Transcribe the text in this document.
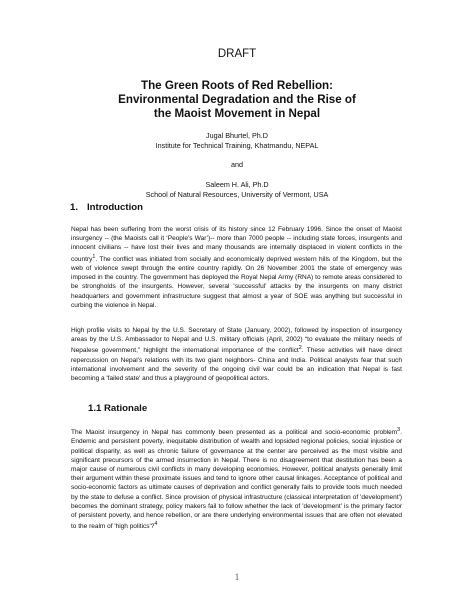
DRAFT
The Green Roots of Red Rebellion:
Environmental Degradation and the Rise of
the Maoist Movement in Nepal
Jugal Bhurtel, Ph.D
Institute for Technical Training, Khatmandu, NEPAL
and
Saleem H. Ali, Ph.D
School of Natural Resources, University of Vermont, USA
1. Introduction

Nepal has been suffering from the worst crisis of its history since 12 February 1996. Since the onset of Maoist insurgency -- (the Maoists call it ‘People’s War’)-- more than 7000 people -- including state forces, insurgents and innocent civilians -- have lost their lives and many thousands are internally displaced in violent conflicts in the country$^1$. The conflict was initiated from socially and economically deprived western hills of the Kingdom, but the web of violence swept through the entire country rapidly. On 26 November 2001 the state of emergency was imposed in the country. The government has deployed the Royal Nepal Army (RNA) to remote areas considered to be strongholds of the insurgents. However, several ‘successful’ attacks by the insurgents on many district headquarters and government infrastructure suggest that almost a year of SOE was anything but successful in curbing the violence in Nepal.

High profile visits to Nepal by the U.S. Secretary of State (January, 2002), followed by inspection of insurgency areas by the U.S. Ambassador to Nepal and U.S. military officials (April, 2002) “to evaluate the military needs of Nepalese government,” highlight the international importance of the conflict$^2$. These activities will have direct repercussion on Nepal’s relations with its two giant neighbors- China and India. Political analysts fear that such international involvement and the severity of the ongoing civil war could be an indication that Nepal is fast becoming a 'failed state' and thus a playground of geopolitical actors.

1.1 Rationale

The Maoist insurgency in Nepal has commonly been presented as a political and socio-economic problem$^3$. Endemic and persistent poverty, inequitable distribution of wealth and lopsided regional policies, social injustice or political disparity, as well as chronic failure of governance at the center are perceived as the most visible and significant precursors of the armed insurrection in Nepal. There is no disagreement that destitution has been a major cause of numerous civil conflicts in many developing economies. However, political analysts generally limit their argument within these proximate issues and tend to ignore other causal linkages. Acceptance of political and socio-economic factors as ultimate causes of deprivation and conflict generally fails to provide tools much needed by the state to defuse a conflict. Since provision of physical infrastructure (classical interpretation of 'development') becomes the dominant strategy, policy makers fail to follow whether the lack of 'development' is the primary factor of persistent poverty, and hence rebellion, or are there underlying environmental issues that are often not elevated to the realm of 'high politics'?$^4$

1
